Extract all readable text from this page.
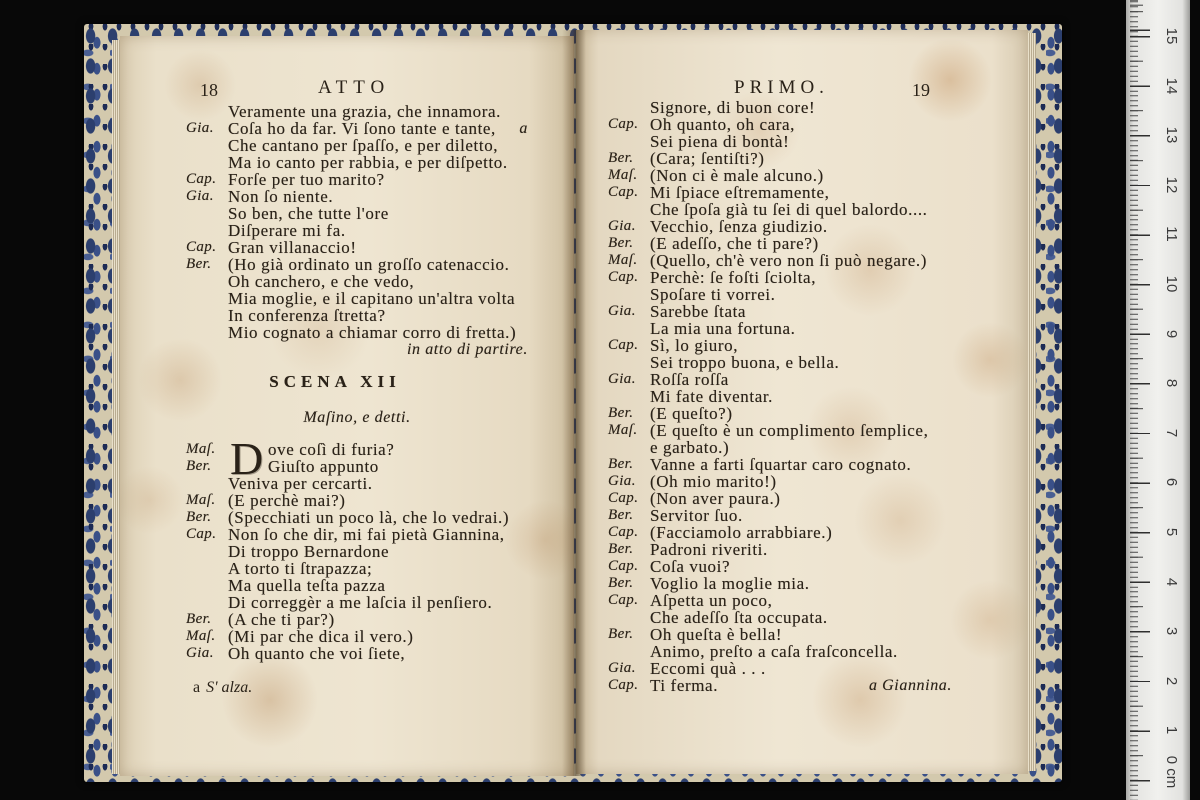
18	ATTO
Veramente una grazia, che innamora.
Gia. Coſa ho da far. Vi ſono tante e tante, a
Che cantano per ſpaſſo, e per diletto,
Ma io canto per rabbia, e per diſpetto.
Cap. Forſe per tuo marito?
Gia. Non ſo niente.
So ben, che tutte l'ore
Diſperare mi fa.
Cap. Gran villanaccio!
Ber. (Ho già ordinato un groſſo catenaccio.
Oh canchero, e che vedo,
Mia moglie, e il capitano un'altra volta
In conferenza ſtretta?
Mio cognato a chiamar corro di fretta.)
in atto di partire.
SCENA XII
Maſino, e detti.
Maſ. D ove coſì di furia?
Ber.	Giuſto appunto
Veniva per cercarti.
Maſ. (E perchè mai?)
Ber. (Specchiati un poco là, che lo vedrai.)
Cap. Non ſo che dir, mi fai pietà Giannina,
Di troppo Bernardone
A torto ti ſtrapazza;
Ma quella teſta pazza
Di correggèr a me laſcia il penſiero.
Ber. (A che ti par?)
Maſ. (Mi par che dica il vero.)
Gia. Oh quanto che voi ſiete,
a S' alza.
PRIMO.	19
Signore, di buon core!
Cap. Oh quanto, oh cara,
Sei piena di bontà!
Ber. (Cara; ſentiſti?)
Maſ. (Non ci è male alcuno.)
Cap. Mi ſpiace eſtremamente,
Che ſpoſa già tu ſei di quel balordo....
Gia. Vecchio, ſenza giudizio.
Ber. (E adeſſo, che ti pare?)
Maſ. (Quello, ch'è vero non ſi può negare.)
Cap. Perchè: ſe foſti ſciolta,
Spoſare ti vorrei.
Gia. Sarebbe ſtata
La mia una fortuna.
Cap. Sì, lo giuro,
Sei troppo buona, e bella.
Gia. Roſſa roſſa
Mi fate diventar.
Ber. (E queſto?)
Maſ. (E queſto è un complimento ſemplice,
e garbato.)
Ber. Vanne a farti ſquartar caro cognato.
Gia. (Oh mio marito!)
Cap. (Non aver paura.)
Ber. Servitor ſuo.
Cap. (Facciamolo arrabbiare.)
Ber. Padroni riveriti.
Cap. Coſa vuoi?
Ber. Voglio la moglie mia.
Cap. Aſpetta un poco,
Che adeſſo ſta occupata.
Ber. Oh queſta è bella!
Animo, preſto a caſa fraſconcella.
Gia. Eccomi quà . . .
Cap. Ti ferma.	a Giannina.
15
14
13
12
11
10
9
8
7
6
5
4
3
2
1
0 cm
